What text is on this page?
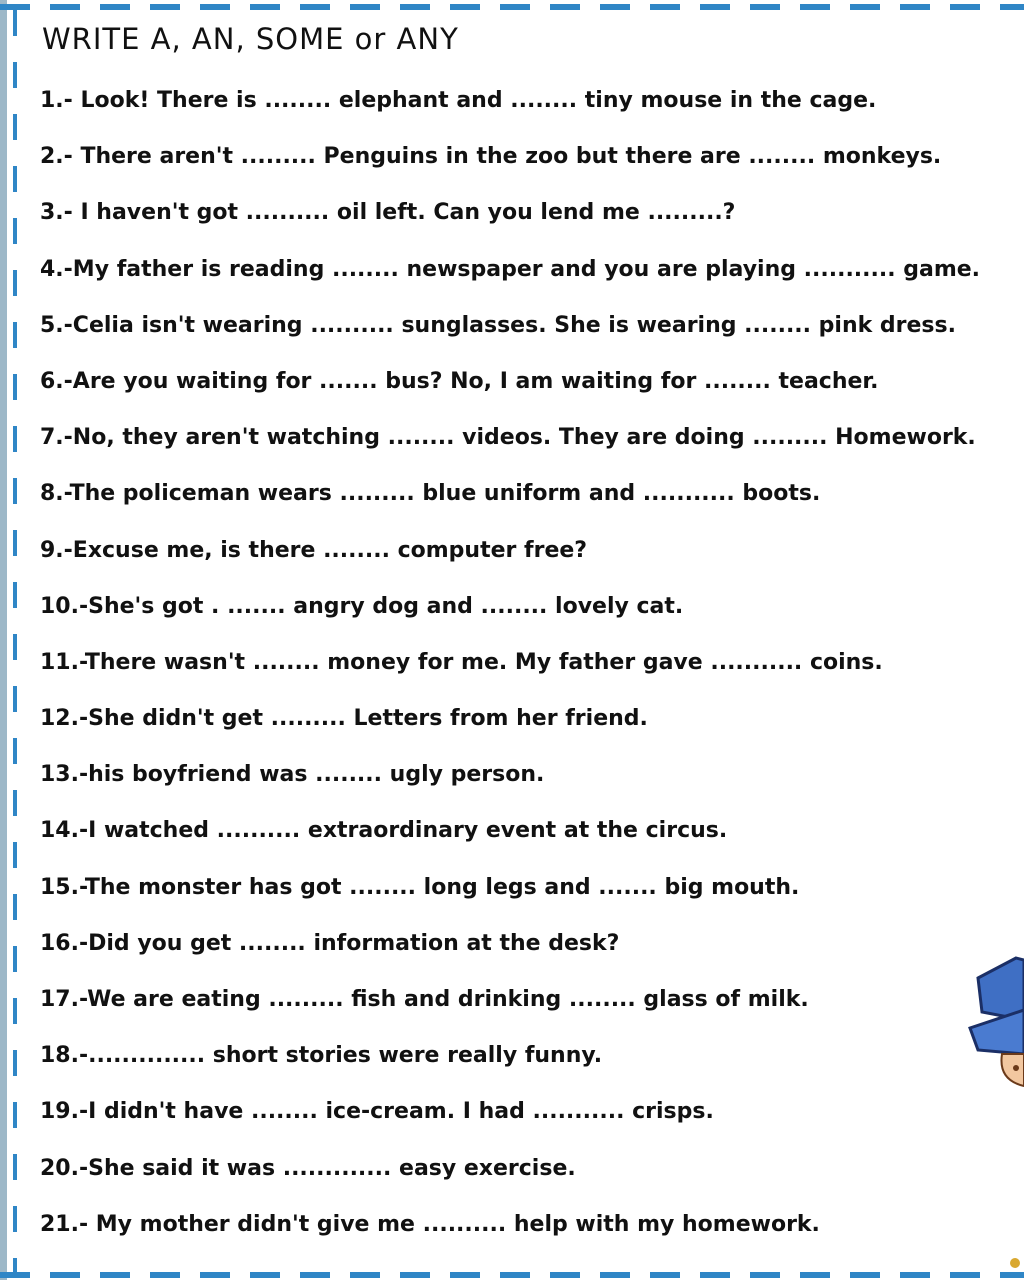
WRITE A, AN, SOME or ANY
1.- Look! There is ........ elephant and ........ tiny mouse in the cage.
2.- There aren't ......... Penguins in the zoo but there are ........ monkeys.
3.- I haven't got .......... oil left. Can you lend me .........?
4.-My father is reading ........ newspaper and you are playing ........... game.
5.-Celia isn't wearing .......... sunglasses. She is wearing ........ pink dress.
6.-Are you waiting for ....... bus? No, I am waiting for ........ teacher.
7.-No, they aren't watching ........ videos. They are doing ......... Homework.
8.-The policeman wears ......... blue uniform and ........... boots.
9.-Excuse me, is there ........ computer free?
10.-She's got . ....... angry dog and ........ lovely cat.
11.-There wasn't ........ money for me. My father gave ........... coins.
12.-She didn't get ......... Letters from her friend.
13.-his boyfriend was ........ ugly person.
14.-I watched .......... extraordinary event at the circus.
15.-The monster has got ........ long legs and ....... big mouth.
16.-Did you get ........ information at the desk?
17.-We are eating ......... fish and drinking ........ glass of milk.
18.-.............. short stories were really funny.
19.-I didn't have ........ ice-cream. I had ........... crisps.
20.-She said it was ............. easy exercise.
21.- My mother didn't give me .......... help with my homework.
